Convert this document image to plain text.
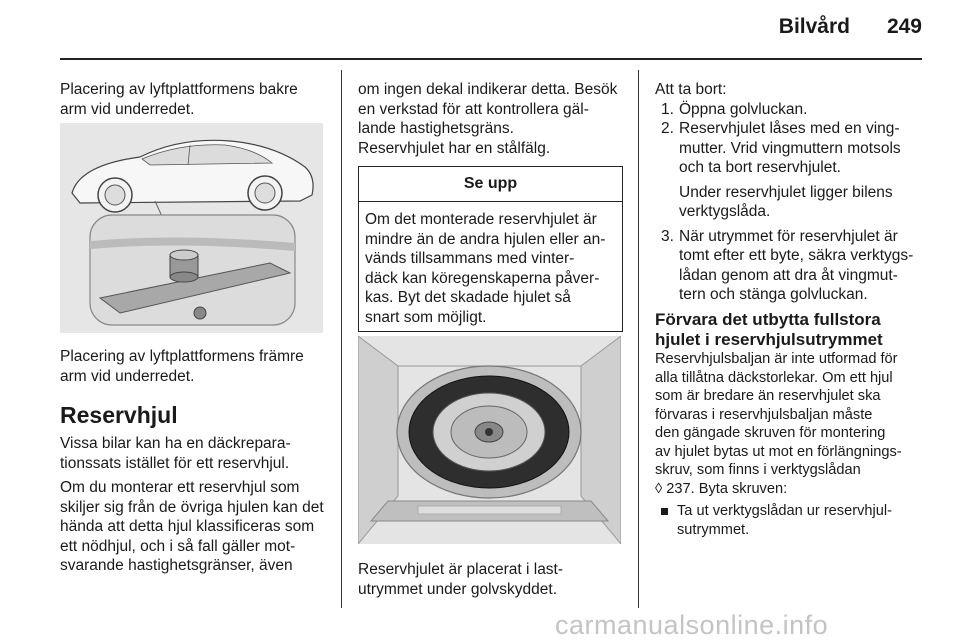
Bilvård	249

Placering av lyftplattformens bakre

arm vid underredet.

Placering av lyftplattformens främre

arm vid underredet.

Reservhjul

Vissa bilar kan ha en däckrepara-

tionssats istället för ett reservhjul.

Om du monterar ett reservhjul som

skiljer sig från de övriga hjulen kan det

hända att detta hjul klassificeras som

ett nödhjul, och i så fall gäller mot-

svarande hastighetsgränser, även

om ingen dekal indikerar detta. Besök

en verkstad för att kontrollera gäl-

lande hastighetsgräns.

Reservhjulet har en stålfälg.

Se upp
Om det monterade reservhjulet är
mindre än de andra hjulen eller an-
vänds tillsammans med vinter-
däck kan köregenskaperna påver-
kas. Byt det skadade hjulet så
snart som möjligt.

Reservhjulet är placerat i last-

utrymmet under golvskyddet.

Att ta bort:

1. Öppna golvluckan.
2. Reservhjulet låses med en ving-
mutter. Vrid vingmuttern motsols
och ta bort reservhjulet.
Under reservhjulet ligger bilens
verktygslåda.
3. När utrymmet för reservhjulet är
tomt efter ett byte, säkra verktygs-
lådan genom att dra åt vingmut-
tern och stänga golvluckan.
Förvara det utbytta fullstora
hjulet i reservhjulsutrymmet
Reservhjulsbaljan är inte utformad för
alla tillåtna däckstorlekar. Om ett hjul
som är bredare än reservhjulet ska
förvaras i reservhjulsbaljan måste
den gängade skruven för montering
av hjulet bytas ut mot en förlängnings-
skruv, som finns i verktygslådan
◊ 237. Byta skruven:
Ta ut verktygslådan ur reservhjul-
sutrymmet.
carmanualsonline.info
